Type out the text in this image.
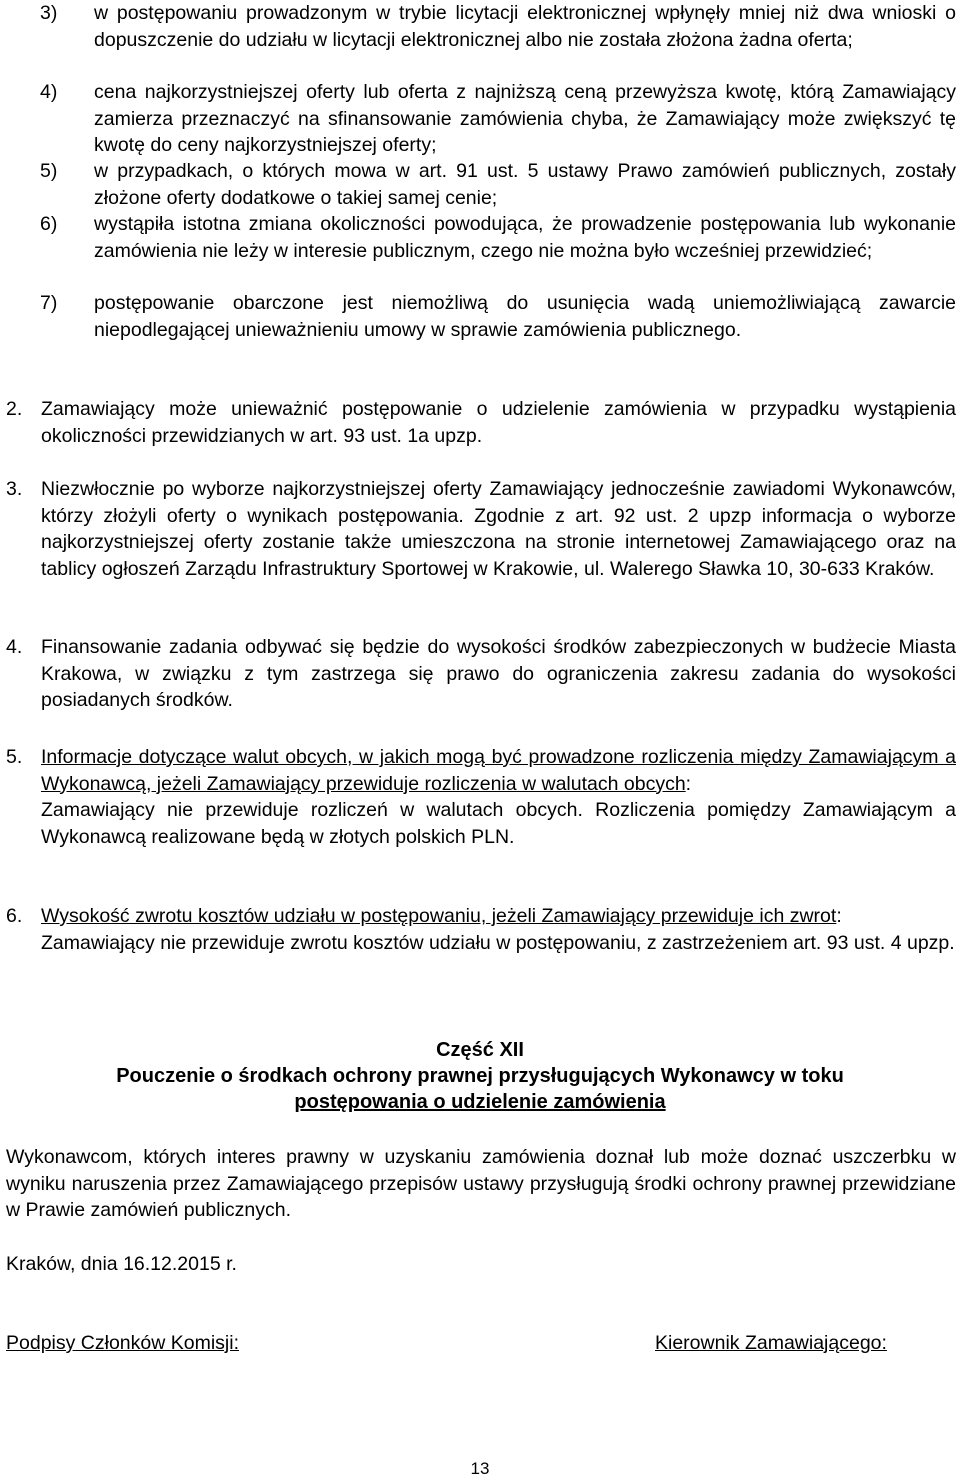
3) w postępowaniu prowadzonym w trybie licytacji elektronicznej wpłynęły mniej niż dwa wnioski o dopuszczenie do udziału w licytacji elektronicznej albo nie została złożona żadna oferta;

4) cena najkorzystniejszej oferty lub oferta z najniższą ceną przewyższa kwotę, którą Zamawiający zamierza przeznaczyć na sfinansowanie zamówienia chyba, że Zamawiający może zwiększyć tę kwotę do ceny najkorzystniejszej oferty;

5) w przypadkach, o których mowa w art. 91 ust. 5 ustawy Prawo zamówień publicznych, zostały złożone oferty dodatkowe o takiej samej cenie;

6) wystąpiła istotna zmiana okoliczności powodująca, że prowadzenie postępowania lub wykonanie zamówienia nie leży w interesie publicznym, czego nie można było wcześniej przewidzieć;

7) postępowanie obarczone jest niemożliwą do usunięcia wadą uniemożliwiającą zawarcie niepodlegającej unieważnieniu umowy w sprawie zamówienia publicznego.

2. Zamawiający może unieważnić postępowanie o udzielenie zamówienia w przypadku wystąpienia okoliczności przewidzianych w art. 93 ust. 1a upzp.

3. Niezwłocznie po wyborze najkorzystniejszej oferty Zamawiający jednocześnie zawiadomi Wykonawców, którzy złożyli oferty o wynikach postępowania. Zgodnie z art. 92 ust. 2 upzp informacja o wyborze najkorzystniejszej oferty zostanie także umieszczona na stronie internetowej Zamawiającego oraz na tablicy ogłoszeń Zarządu Infrastruktury Sportowej w Krakowie, ul. Walerego Sławka 10, 30-633 Kraków.

4. Finansowanie zadania odbywać się będzie do wysokości środków zabezpieczonych w budżecie Miasta Krakowa, w związku z tym zastrzega się prawo do ograniczenia zakresu zadania do wysokości posiadanych środków.

5. Informacje dotyczące walut obcych, w jakich mogą być prowadzone rozliczenia między Zamawiającym a Wykonawcą, jeżeli Zamawiający przewiduje rozliczenia w walutach obcych:

Zamawiający nie przewiduje rozliczeń w walutach obcych. Rozliczenia pomiędzy Zamawiającym a Wykonawcą realizowane będą w złotych polskich PLN.

6. Wysokość zwrotu kosztów udziału w postępowaniu, jeżeli Zamawiający przewiduje ich zwrot:

Zamawiający nie przewiduje zwrotu kosztów udziału w postępowaniu, z zastrzeżeniem art. 93 ust. 4 upzp.

Część XII

Pouczenie o środkach ochrony prawnej przysługujących Wykonawcy w toku

postępowania o udzielenie zamówienia

Wykonawcom, których interes prawny w uzyskaniu zamówienia doznał lub może doznać uszczerbku w wyniku naruszenia przez Zamawiającego przepisów ustawy przysługują środki ochrony prawnej przewidziane w Prawie zamówień publicznych.

Kraków, dnia 16.12.2015 r.

Podpisy Członków Komisji:	Kierownik Zamawiającego:

13
